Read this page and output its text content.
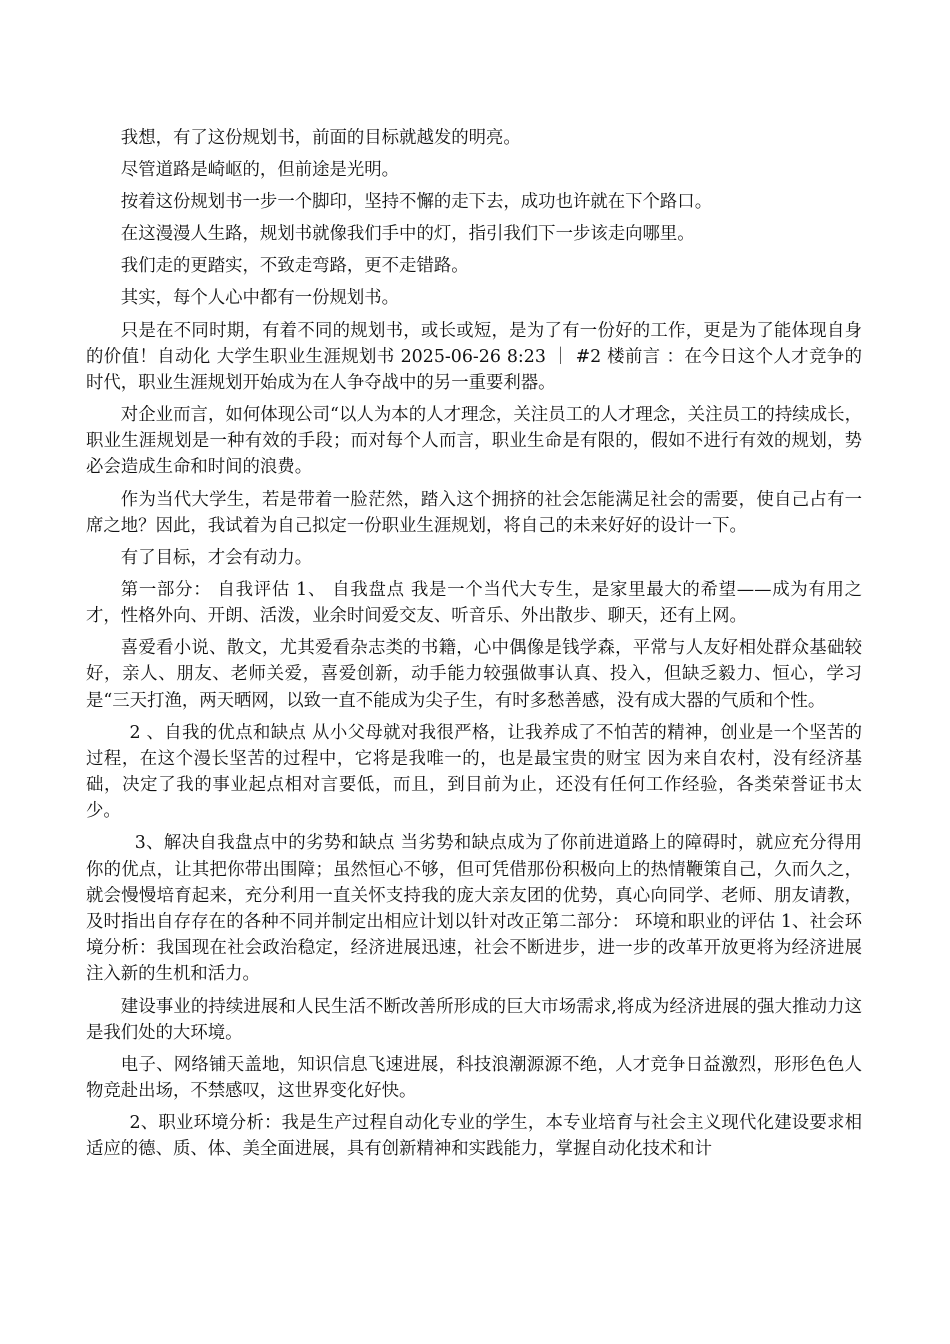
我想，有了这份规划书，前面的目标就越发的明亮。

尽管道路是崎岖的，但前途是光明。

按着这份规划书一步一个脚印，坚持不懈的走下去，成功也许就在下个路口。

在这漫漫人生路，规划书就像我们手中的灯，指引我们下一步该走向哪里。

我们走的更踏实，不致走弯路，更不走错路。

其实，每个人心中都有一份规划书。

只是在不同时期，有着不同的规划书，或长或短，是为了有一份好的工作，更是为了能体现自身的价值！自动化 大学生职业生涯规划书 2025-06-26 8:23 ｜ #2 楼前言 ：在今日这个人才竞争的时代，职业生涯规划开始成为在人争夺战中的另一重要利器。

对企业而言，如何体现公司“以人为本的人才理念，关注员工的人才理念，关注员工的持续成长，职业生涯规划是一种有效的手段；而对每个人而言，职业生命是有限的，假如不进行有效的规划，势必会造成生命和时间的浪费。

作为当代大学生，若是带着一脸茫然，踏入这个拥挤的社会怎能满足社会的需要，使自己占有一席之地？因此，我试着为自己拟定一份职业生涯规划，将自己的未来好好的设计一下。

有了目标，才会有动力。

第一部分： 自我评估 1、 自我盘点 我是一个当代大专生，是家里最大的希望——成为有用之才，性格外向、开朗、活泼，业余时间爱交友、听音乐、外出散步、聊天，还有上网。

喜爱看小说、散文，尤其爱看杂志类的书籍，心中偶像是钱学森，平常与人友好相处群众基础较好，亲人、朋友、老师关爱，喜爱创新，动手能力较强做事认真、投入，但缺乏毅力、恒心，学习是“三天打渔，两天晒网，以致一直不能成为尖子生，有时多愁善感，没有成大器的气质和个性。

2 、自我的优点和缺点 从小父母就对我很严格，让我养成了不怕苦的精神，创业是一个坚苦的过程，在这个漫长坚苦的过程中，它将是我唯一的，也是最宝贵的财宝 因为来自农村，没有经济基础，决定了我的事业起点相对言要低，而且，到目前为止，还没有任何工作经验，各类荣誉证书太少。

3、解决自我盘点中的劣势和缺点 当劣势和缺点成为了你前进道路上的障碍时，就应充分得用你的优点，让其把你带出围障；虽然恒心不够，但可凭借那份积极向上的热情鞭策自己，久而久之，就会慢慢培育起来，充分利用一直关怀支持我的庞大亲友团的优势，真心向同学、老师、朋友请教，及时指出自存存在的各种不同并制定出相应计划以针对改正第二部分： 环境和职业的评估 1、社会环境分析：我国现在社会政治稳定，经济进展迅速，社会不断进步，进一步的改革开放更将为经济进展注入新的生机和活力。

建设事业的持续进展和人民生活不断改善所形成的巨大市场需求,将成为经济进展的强大推动力这是我们处的大环境。

电子、网络铺天盖地，知识信息飞速进展，科技浪潮源源不绝，人才竞争日益激烈，形形色色人物竞赴出场，不禁感叹，这世界变化好快。

2、职业环境分析：我是生产过程自动化专业的学生，本专业培育与社会主义现代化建设要求相适应的德、质、体、美全面进展，具有创新精神和实践能力，掌握自动化技术和计
